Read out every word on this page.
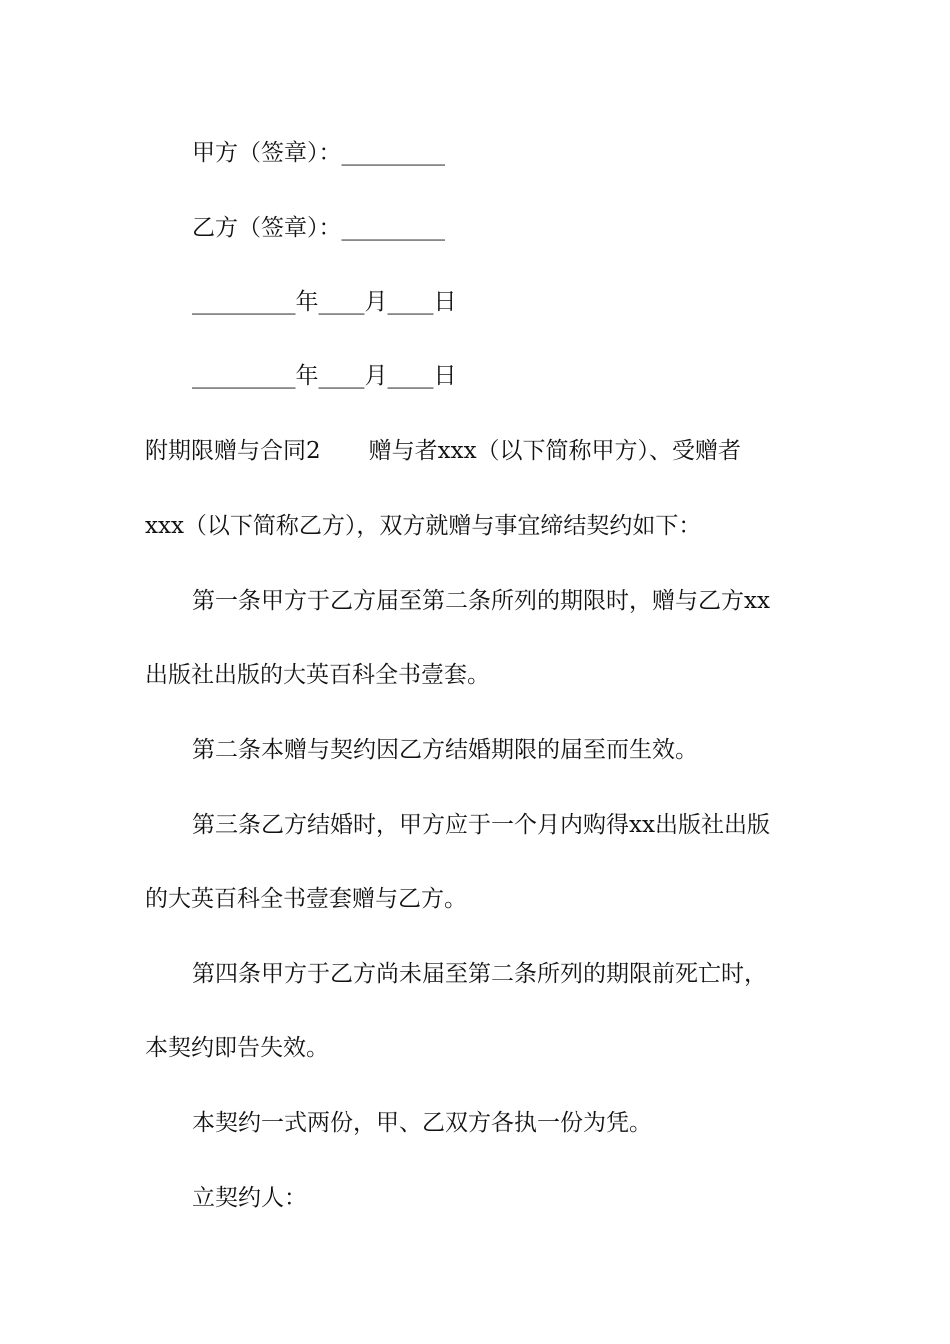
甲方（签章）：_________
乙方（签章）：_________
_________年____月____日
_________年____月____日
附期限赠与合同2 赠与者xxx（以下简称甲方）、受赠者
xxx（以下简称乙方），双方就赠与事宜缔结契约如下：
第一条甲方于乙方届至第二条所列的期限时，赠与乙方xx
出版社出版的大英百科全书壹套。
第二条本赠与契约因乙方结婚期限的届至而生效。
第三条乙方结婚时，甲方应于一个月内购得xx出版社出版
的大英百科全书壹套赠与乙方。
第四条甲方于乙方尚未届至第二条所列的期限前死亡时，
本契约即告失效。
本契约一式两份，甲、乙双方各执一份为凭。
立契约人：
